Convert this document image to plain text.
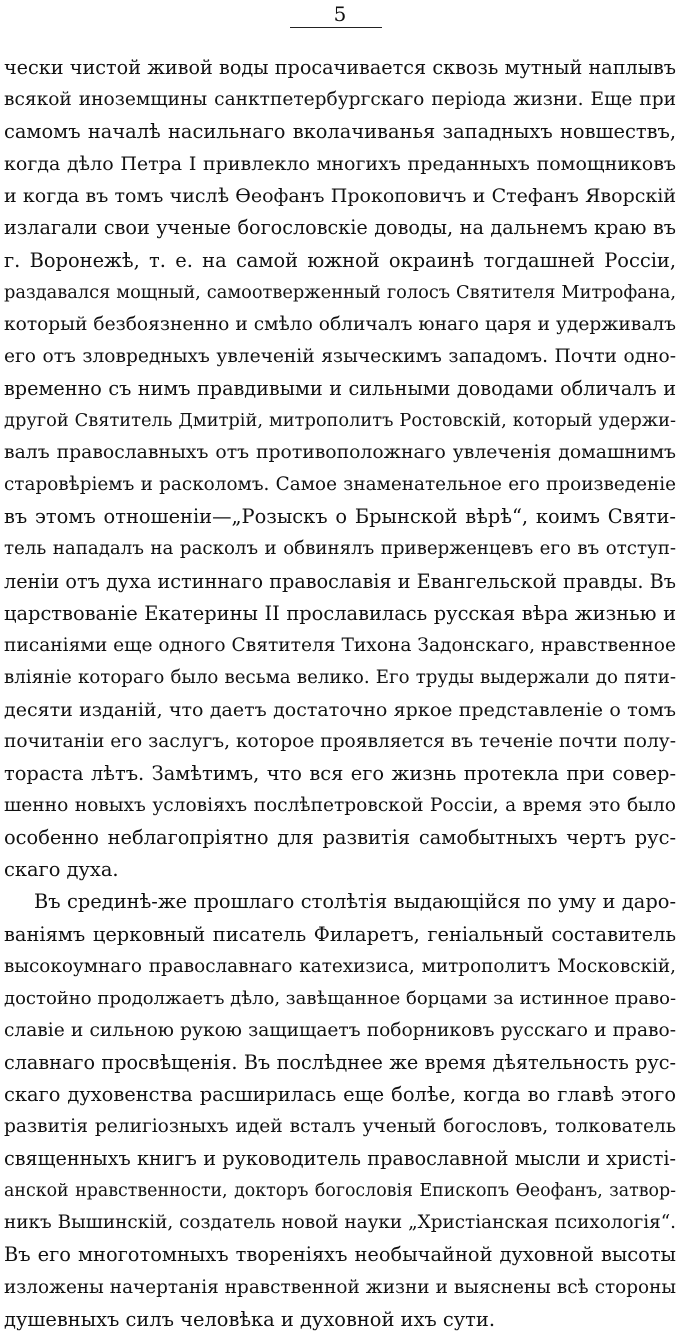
5
чески чистой живой воды просачивается сквозь мутный наплывъ
всякой иноземщины санктпетербургскаго періода жизни. Еще при
самомъ началѣ насильнаго вколачиванья западныхъ новшествъ,
когда дѣло Петра I привлекло многихъ преданныхъ помощниковъ
и когда въ томъ числѣ Ѳеофанъ Прокоповичъ и Стефанъ Яворскій
излагали свои ученые богословскіе доводы, на дальнемъ краю въ
г. Воронежѣ, т. е. на самой южной окраинѣ тогдашней Россіи,
раздавался мощный, самоотверженный голосъ Святителя Митрофана,
который безбоязненно и смѣло обличалъ юнаго царя и удерживалъ
его отъ зловредныхъ увлеченій языческимъ западомъ. Почти одно-
временно съ нимъ правдивыми и сильными доводами обличалъ и
другой Святитель Дмитрій, митрополитъ Ростовскій, который удержи-
валъ православныхъ отъ противоположнаго увлеченія домашнимъ
старовѣріемъ и расколомъ. Самое знаменательное его произведеніе
въ этомъ отношеніи—„Розыскъ о Брынской вѣрѣ“, коимъ Святи-
тель нападалъ на расколъ и обвинялъ приверженцевъ его въ отступ-
леніи отъ духа истиннаго православія и Евангельской правды. Въ
царствованіе Екатерины II прославилась русская вѣра жизнью и
писаніями еще одного Святителя Тихона Задонскаго, нравственное
вліяніе котораго было весьма велико. Его труды выдержали до пяти-
десяти изданій, что даетъ достаточно яркое представленіе о томъ
почитаніи его заслугъ, которое проявляется въ теченіе почти полу-
тораста лѣтъ. Замѣтимъ, что вся его жизнь протекла при совер-
шенно новыхъ условіяхъ послѣпетровской Россіи, а время это было
особенно неблагопріятно для развитія самобытныхъ чертъ рус-
скаго духа.
Въ срединѣ-же прошлаго столѣтія выдающійся по уму и даро-
ваніямъ церковный писатель Филаретъ, геніальный составитель
высокоумнаго православнаго катехизиса, митрополитъ Московскій,
достойно продолжаетъ дѣло, завѣщанное борцами за истинное право-
славіе и сильною рукою защищаетъ поборниковъ русскаго и право-
славнаго просвѣщенія. Въ послѣднее же время дѣятельность рус-
скаго духовенства расширилась еще болѣе, когда во главѣ этого
развитія религіозныхъ идей всталъ ученый богословъ, толкователь
священныхъ книгъ и руководитель православной мысли и христі-
анской нравственности, докторъ богословія Епископъ Ѳеофанъ, затвор-
никъ Вышинскій, создатель новой науки „Христіанская психологія“.
Въ его многотомныхъ твореніяхъ необычайной духовной высоты
изложены начертанія нравственной жизни и выяснены всѣ стороны
душевныхъ силъ человѣка и духовной ихъ сути.
